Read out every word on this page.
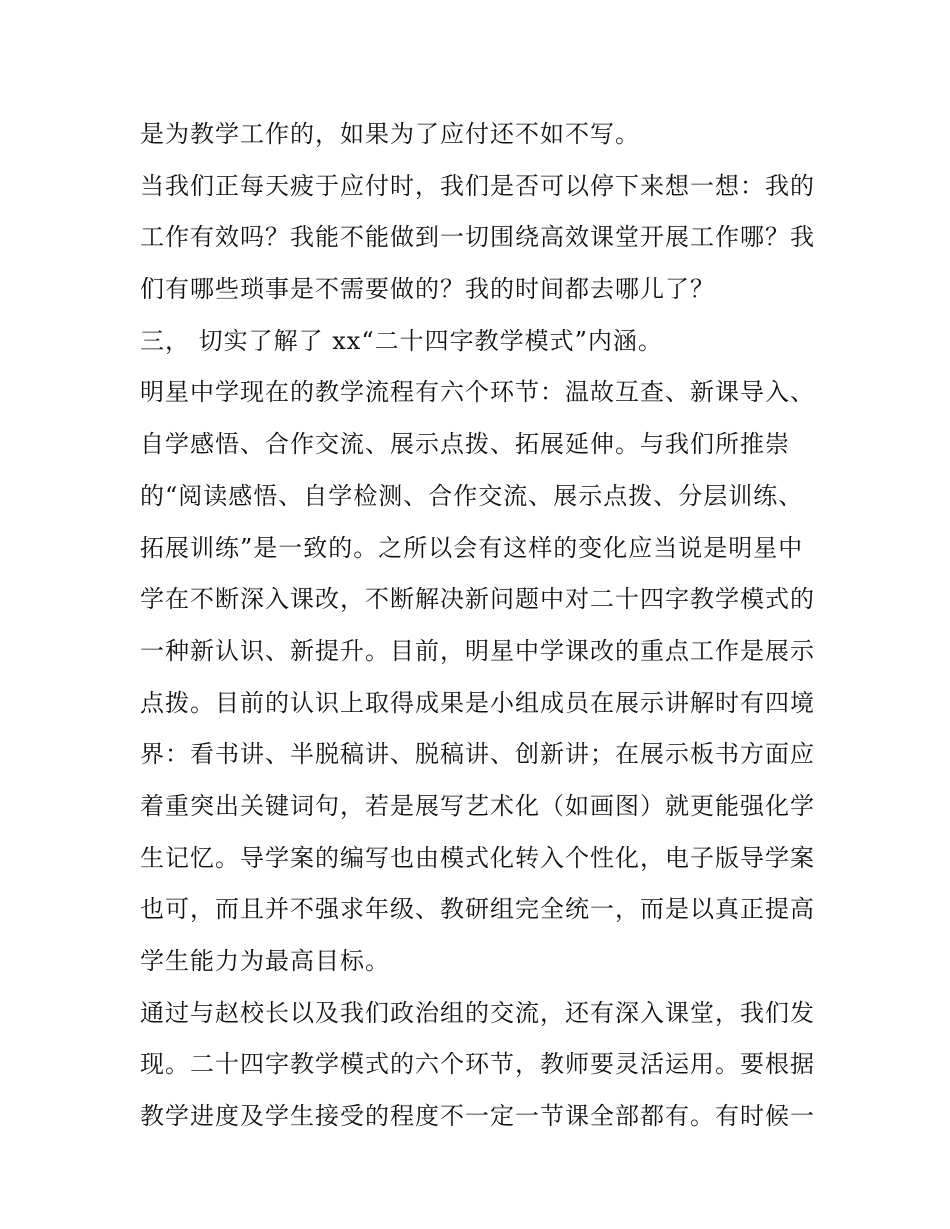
是为教学工作的，如果为了应付还不如不写。
当我们正每天疲于应付时，我们是否可以停下来想一想：我的
工作有效吗？我能不能做到一切围绕高效课堂开展工作哪？我
们有哪些琐事是不需要做的？我的时间都去哪儿了？
三， 切实了解了 xx“二十四字教学模式”内涵。
明星中学现在的教学流程有六个环节：温故互查、新课导入、
自学感悟、合作交流、展示点拨、拓展延伸。与我们所推崇
的“阅读感悟、自学检测、合作交流、展示点拨、分层训练、
拓展训练”是一致的。之所以会有这样的变化应当说是明星中
学在不断深入课改，不断解决新问题中对二十四字教学模式的
一种新认识、新提升。目前，明星中学课改的重点工作是展示
点拨。目前的认识上取得成果是小组成员在展示讲解时有四境
界：看书讲、半脱稿讲、脱稿讲、创新讲；在展示板书方面应
着重突出关键词句，若是展写艺术化（如画图）就更能强化学
生记忆。导学案的编写也由模式化转入个性化，电子版导学案
也可，而且并不强求年级、教研组完全统一，而是以真正提高
学生能力为最高目标。
通过与赵校长以及我们政治组的交流，还有深入课堂，我们发
现。二十四字教学模式的六个环节，教师要灵活运用。要根据
教学进度及学生接受的程度不一定一节课全部都有。有时候一
